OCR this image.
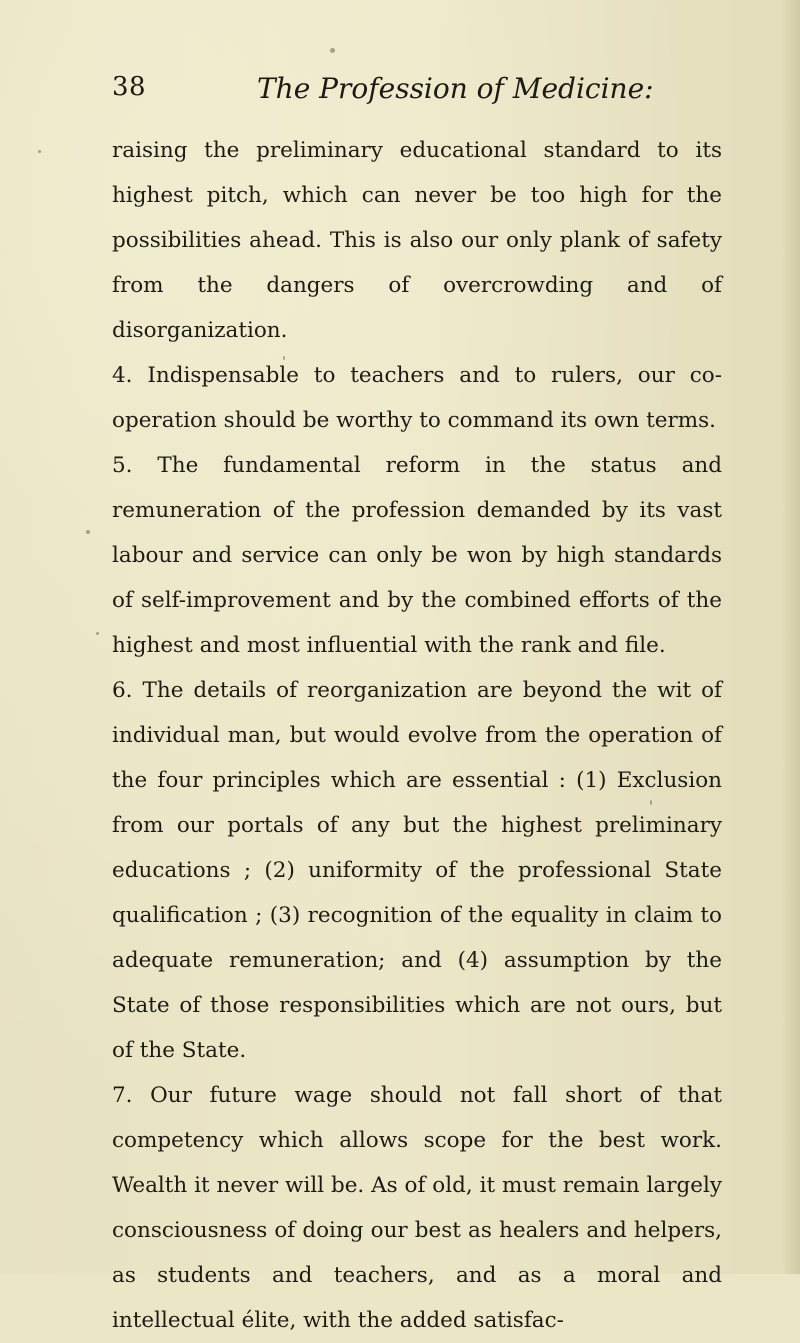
38	The Profession of Medicine:

raising the preliminary educational standard to its highest pitch, which can never be too high for the possibilities ahead. This is also our only plank of safety from the dangers of overcrowding and of disorganization.

4. Indispensable to teachers and to rulers, our co-operation should be worthy to command its own terms.

5. The fundamental reform in the status and remuneration of the profession demanded by its vast labour and service can only be won by high standards of self-improvement and by the combined efforts of the highest and most influential with the rank and file.

6. The details of reorganization are beyond the wit of individual man, but would evolve from the operation of the four principles which are essential : (1) Exclusion from our portals of any but the highest preliminary educations ; (2) uniformity of the professional State qualification ; (3) recognition of the equality in claim to adequate remuneration; and (4) assumption by the State of those responsibilities which are not ours, but of the State.

7. Our future wage should not fall short of that competency which allows scope for the best work. Wealth it never will be. As of old, it must remain largely consciousness of doing our best as healers and helpers, as students and teachers, and as a moral and intellectual élite, with the added satisfac-
